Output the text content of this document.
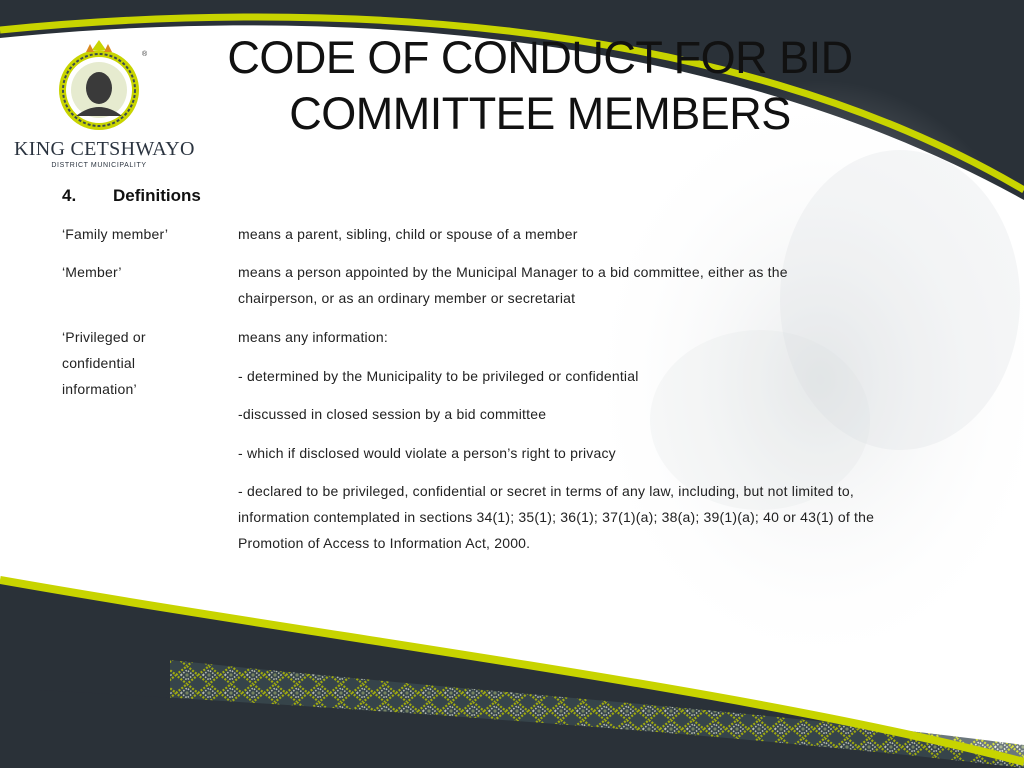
®
KING CETSHWAYO
DISTRICT MUNICIPALITY
CODE OF CONDUCT FOR BID
COMMITTEE MEMBERS
4. Definitions
‘Family member’	means a parent, sibling, child or spouse of a member
‘Member’	means a person appointed by the Municipal Manager to a bid committee, either as the chairperson, or as an ordinary member or secretariat
‘Privileged or confidential information’
means any information:
- determined by the Municipality to be privileged or confidential
-discussed in closed session by a bid committee
- which if disclosed would violate a person’s right to privacy
- declared to be privileged, confidential or secret in terms of any law, including, but not limited to, information contemplated in sections 34(1); 35(1); 36(1); 37(1)(a); 38(a); 39(1)(a); 40 or 43(1) of the Promotion of Access to Information Act, 2000.
